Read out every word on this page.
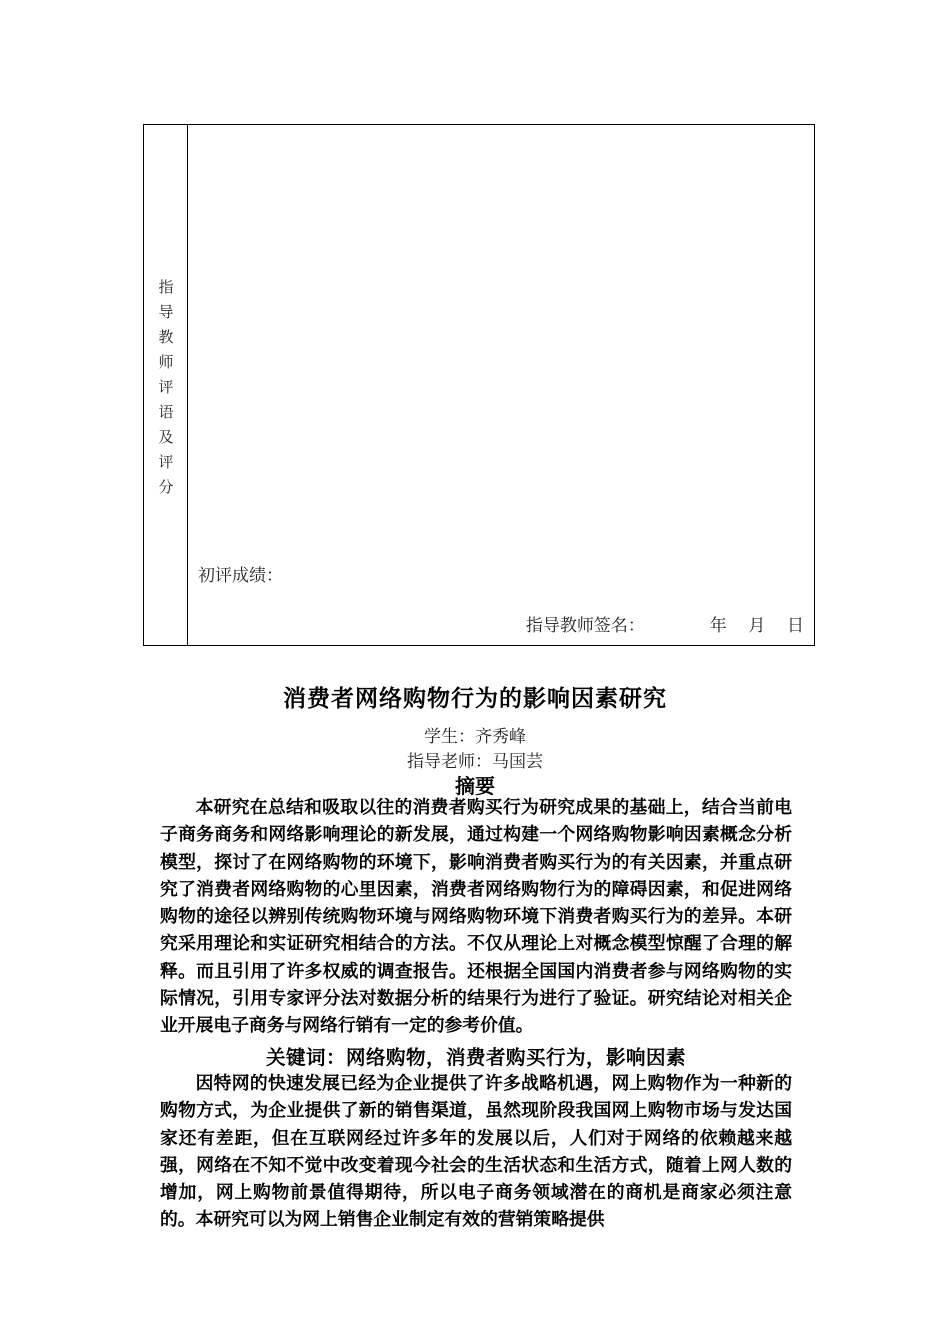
指
导
教
师
评
语
及
评
分
初评成绩：
指导教师签名：	年 月 日
消费者网络购物行为的影响因素研究
学生：齐秀峰
指导老师：马国芸
摘要

本研究在总结和吸取以往的消费者购买行为研究成果的基础上，结合当前电子商务商务和网络影响理论的新发展，通过构建一个网络购物影响因素概念分析模型，探讨了在网络购物的环境下，影响消费者购买行为的有关因素，并重点研究了消费者网络购物的心里因素，消费者网络购物行为的障碍因素，和促进网络购物的途径以辨别传统购物环境与网络购物环境下消费者购买行为的差异。本研究采用理论和实证研究相结合的方法。不仅从理论上对概念模型惊醒了合理的解释。而且引用了许多权威的调查报告。还根据全国国内消费者参与网络购物的实际情况，引用专家评分法对数据分析的结果行为进行了验证。研究结论对相关企业开展电子商务与网络行销有一定的参考价值。

关键词：网络购物，消费者购买行为，影响因素

因特网的快速发展已经为企业提供了许多战略机遇，网上购物作为一种新的购物方式，为企业提供了新的销售渠道，虽然现阶段我国网上购物市场与发达国家还有差距，但在互联网经过许多年的发展以后，人们对于网络的依赖越来越强，网络在不知不觉中改变着现今社会的生活状态和生活方式，随着上网人数的增加，网上购物前景值得期待，所以电子商务领域潜在的商机是商家必须注意的。本研究可以为网上销售企业制定有效的营销策略提供
